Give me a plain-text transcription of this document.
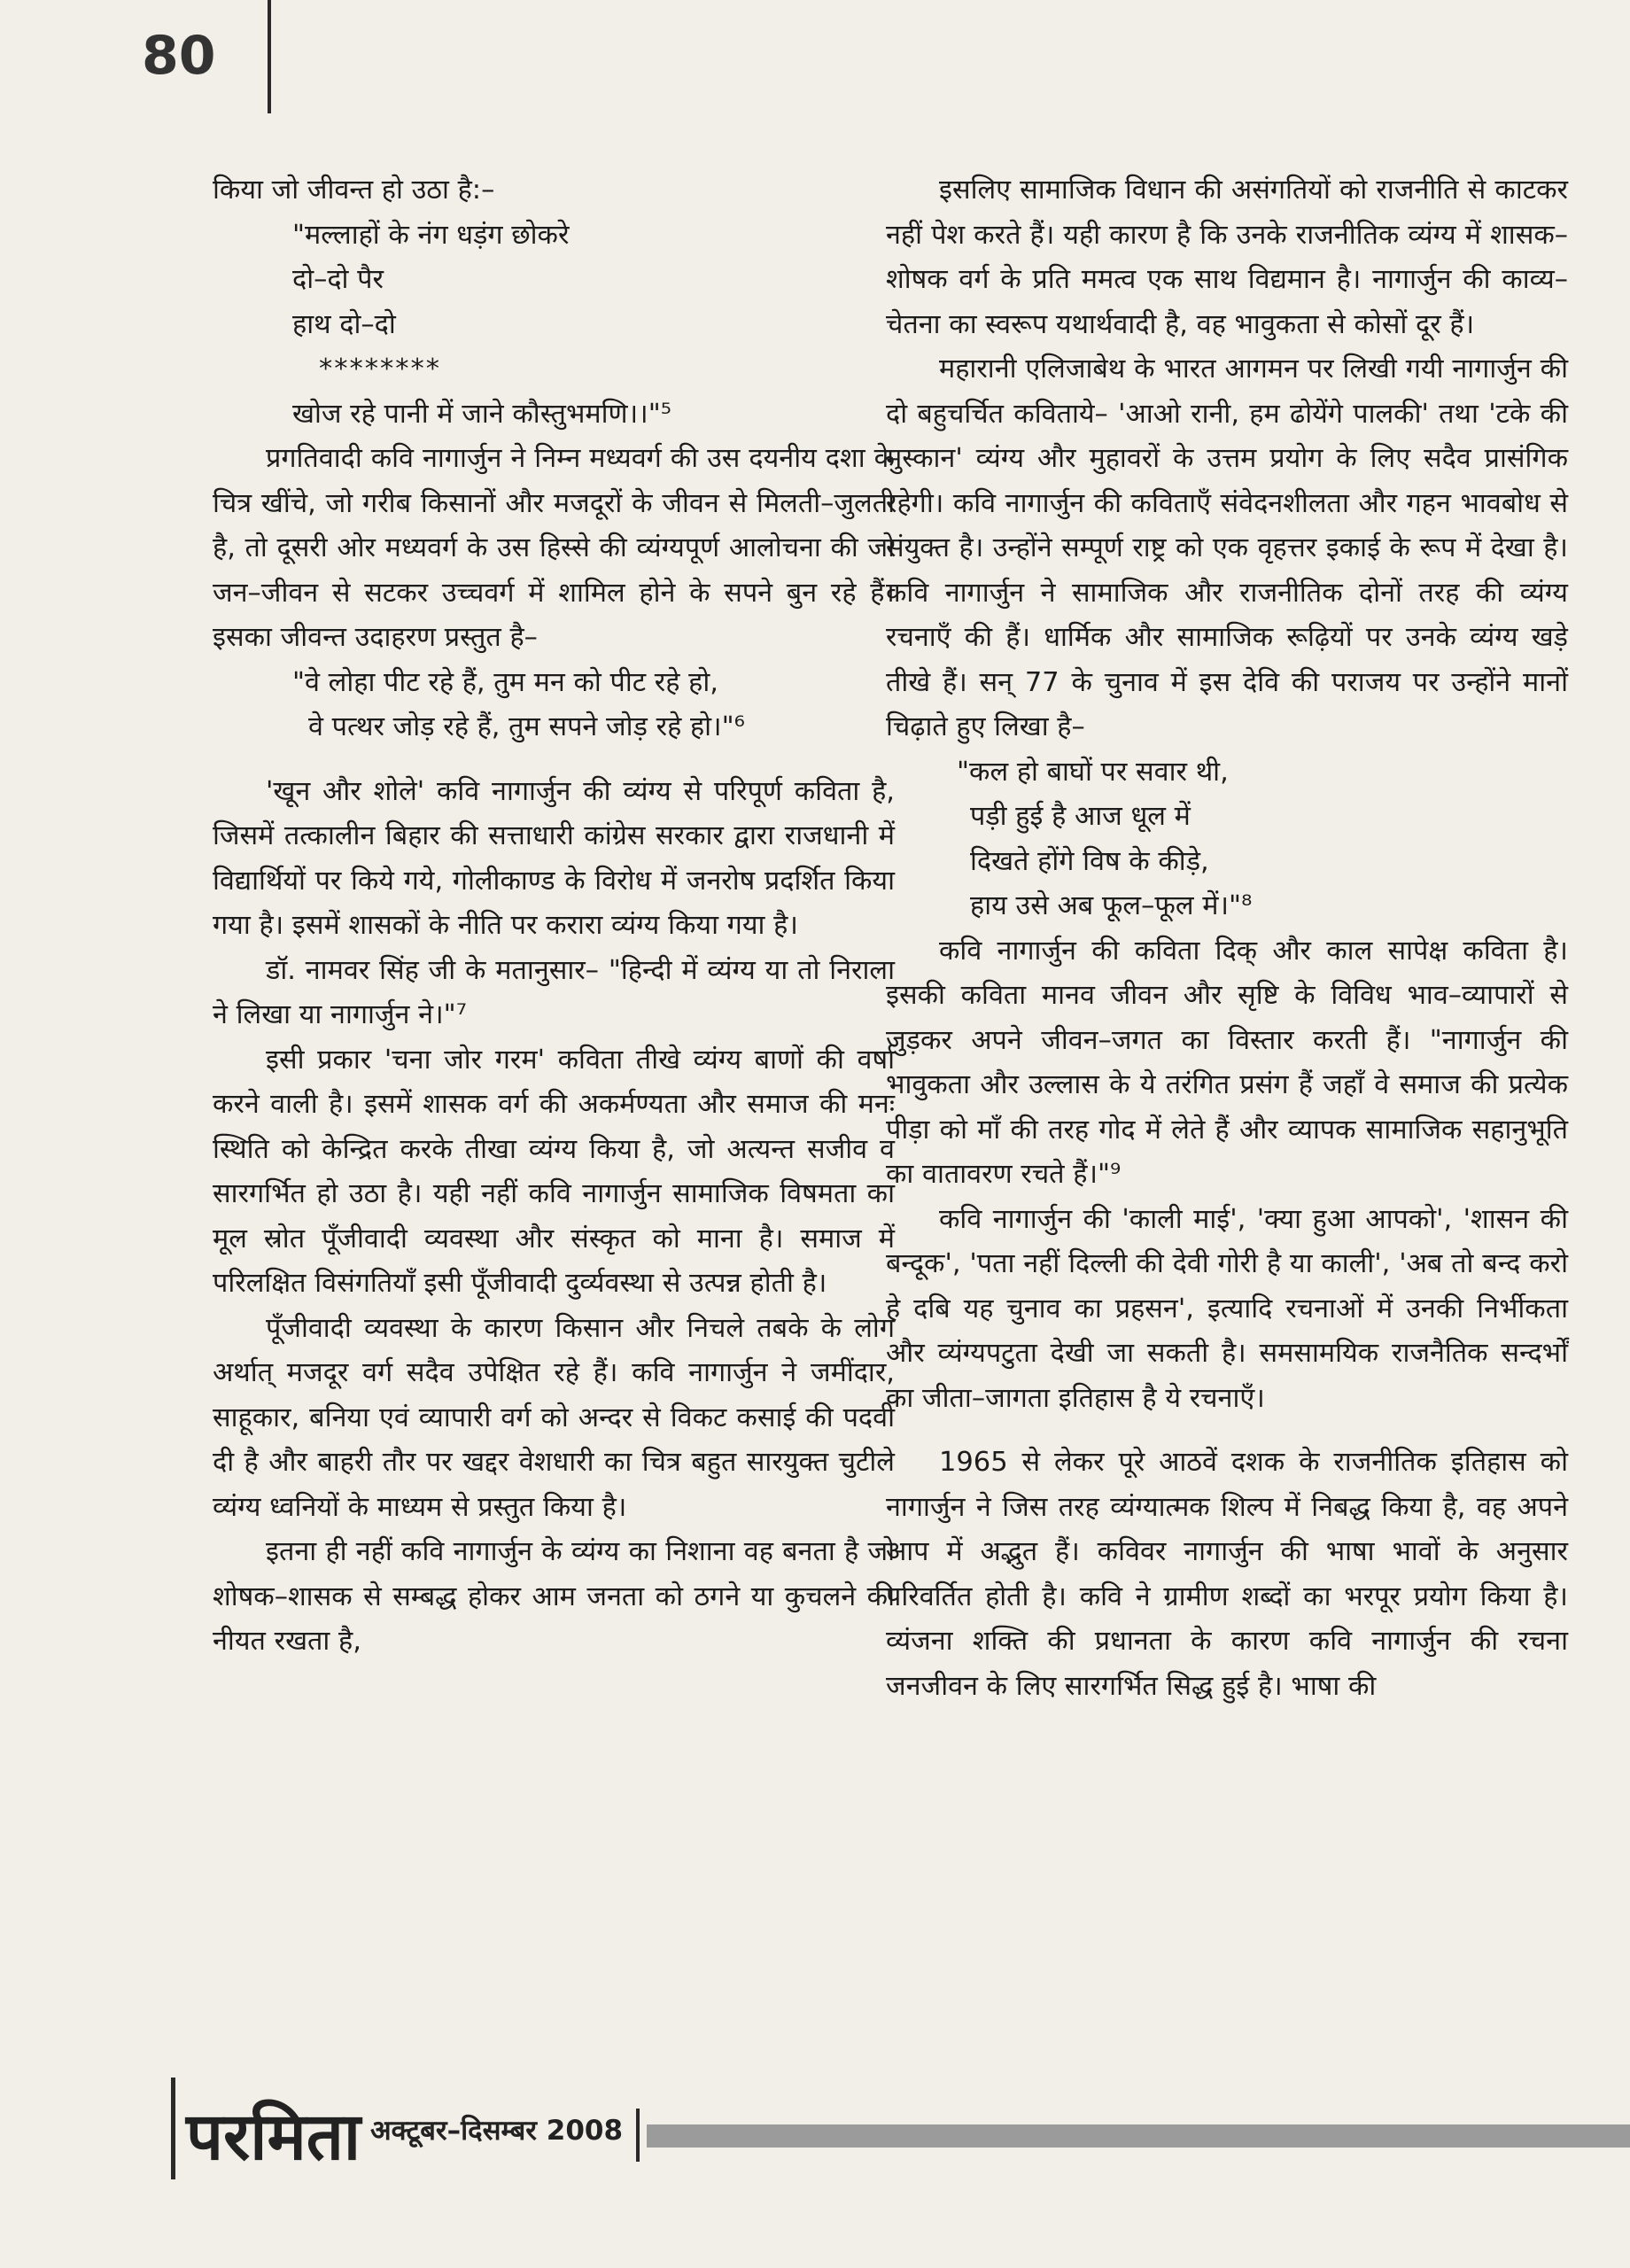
80

किया जो जीवन्त हो उठा है:–

"मल्लाहों के नंग धड़ंग छोकरे
दो–दो पैर
हाथ दो–दो
********
खोज रहे पानी में जाने कौस्तुभमणि।।"⁵

प्रगतिवादी कवि नागार्जुन ने निम्न मध्यवर्ग की उस दयनीय दशा के चित्र खींचे, जो गरीब किसानों और मजदूरों के जीवन से मिलती–जुलती है, तो दूसरी ओर मध्यवर्ग के उस हिस्से की व्यंग्यपूर्ण आलोचना की जो जन–जीवन से सटकर उच्चवर्ग में शामिल होने के सपने बुन रहे हैं। इसका जीवन्त उदाहरण प्रस्तुत है–

"वे लोहा पीट रहे हैं, तुम मन को पीट रहे हो,
वे पत्थर जोड़ रहे हैं, तुम सपने जोड़ रहे हो।"⁶

'खून और शोले' कवि नागार्जुन की व्यंग्य से परिपूर्ण कविता है, जिसमें तत्कालीन बिहार की सत्ताधारी कांग्रेस सरकार द्वारा राजधानी में विद्यार्थियों पर किये गये, गोलीकाण्ड के विरोध में जनरोष प्रदर्शित किया गया है। इसमें शासकों के नीति पर करारा व्यंग्य किया गया है।

डॉ. नामवर सिंह जी के मतानुसार– "हिन्दी में व्यंग्य या तो निराला ने लिखा या नागार्जुन ने।"⁷

इसी प्रकार 'चना जोर गरम' कविता तीखे व्यंग्य बाणों की वर्षा करने वाली है। इसमें शासक वर्ग की अकर्मण्यता और समाज की मनः स्थिति को केन्द्रित करके तीखा व्यंग्य किया है, जो अत्यन्त सजीव व सारगर्भित हो उठा है। यही नहीं कवि नागार्जुन सामाजिक विषमता का मूल स्रोत पूँजीवादी व्यवस्था और संस्कृत को माना है। समाज में परिलक्षित विसंगतियाँ इसी पूँजीवादी दुर्व्यवस्था से उत्पन्न होती है।

पूँजीवादी व्यवस्था के कारण किसान और निचले तबके के लोग अर्थात् मजदूर वर्ग सदैव उपेक्षित रहे हैं। कवि नागार्जुन ने जमींदार, साहूकार, बनिया एवं व्यापारी वर्ग को अन्दर से विकट कसाई की पदवी दी है और बाहरी तौर पर खद्दर वेशधारी का चित्र बहुत सारयुक्त चुटीले व्यंग्य ध्वनियों के माध्यम से प्रस्तुत किया है।

इतना ही नहीं कवि नागार्जुन के व्यंग्य का निशाना वह बनता है जो शोषक–शासक से सम्बद्ध होकर आम जनता को ठगने या कुचलने की नीयत रखता है,

इसलिए सामाजिक विधान की असंगतियों को राजनीति से काटकर नहीं पेश करते हैं। यही कारण है कि उनके राजनीतिक व्यंग्य में शासक–शोषक वर्ग के प्रति ममत्व एक साथ विद्यमान है। नागार्जुन की काव्य–चेतना का स्वरूप यथार्थवादी है, वह भावुकता से कोसों दूर हैं।

महारानी एलिजाबेथ के भारत आगमन पर लिखी गयी नागार्जुन की दो बहुचर्चित कविताये– 'आओ रानी, हम ढोयेंगे पालकी' तथा 'टके की मुस्कान' व्यंग्य और मुहावरों के उत्तम प्रयोग के लिए सदैव प्रासंगिक रहेगी। कवि नागार्जुन की कविताएँ संवेदनशीलता और गहन भावबोध से संयुक्त है। उन्होंने सम्पूर्ण राष्ट्र को एक वृहत्तर इकाई के रूप में देखा है। कवि नागार्जुन ने सामाजिक और राजनीतिक दोनों तरह की व्यंग्य रचनाएँ की हैं। धार्मिक और सामाजिक रूढ़ियों पर उनके व्यंग्य खड़े तीखे हैं। सन् 77 के चुनाव में इस देवि की पराजय पर उन्होंने मानों चिढ़ाते हुए लिखा है–

"कल हो बाघों पर सवार थी,
पड़ी हुई है आज धूल में
दिखते होंगे विष के कीड़े,
हाय उसे अब फूल–फूल में।"⁸

कवि नागार्जुन की कविता दिक् और काल सापेक्ष कविता है। इसकी कविता मानव जीवन और सृष्टि के विविध भाव–व्यापारों से जुड़कर अपने जीवन–जगत का विस्तार करती हैं। "नागार्जुन की भावुकता और उल्लास के ये तरंगित प्रसंग हैं जहाँ वे समाज की प्रत्येक पीड़ा को माँ की तरह गोद में लेते हैं और व्यापक सामाजिक सहानुभूति का वातावरण रचते हैं।"⁹

कवि नागार्जुन की 'काली माई', 'क्या हुआ आपको', 'शासन की बन्दूक', 'पता नहीं दिल्ली की देवी गोरी है या काली', 'अब तो बन्द करो हे दबि यह चुनाव का प्रहसन', इत्यादि रचनाओं में उनकी निर्भीकता और व्यंग्यपटुता देखी जा सकती है। समसामयिक राजनैतिक सन्दर्भों का जीता–जागता इतिहास है ये रचनाएँ।

1965 से लेकर पूरे आठवें दशक के राजनीतिक इतिहास को नागार्जुन ने जिस तरह व्यंग्यात्मक शिल्प में निबद्ध किया है, वह अपने आप में अद्भुत हैं। कविवर नागार्जुन की भाषा भावों के अनुसार परिवर्तित होती है। कवि ने ग्रामीण शब्दों का भरपूर प्रयोग किया है। व्यंजना शक्ति की प्रधानता के कारण कवि नागार्जुन की रचना जनजीवन के लिए सारगर्भित सिद्ध हुई है। भाषा की

परमिता अक्टूबर–दिसम्बर 2008
